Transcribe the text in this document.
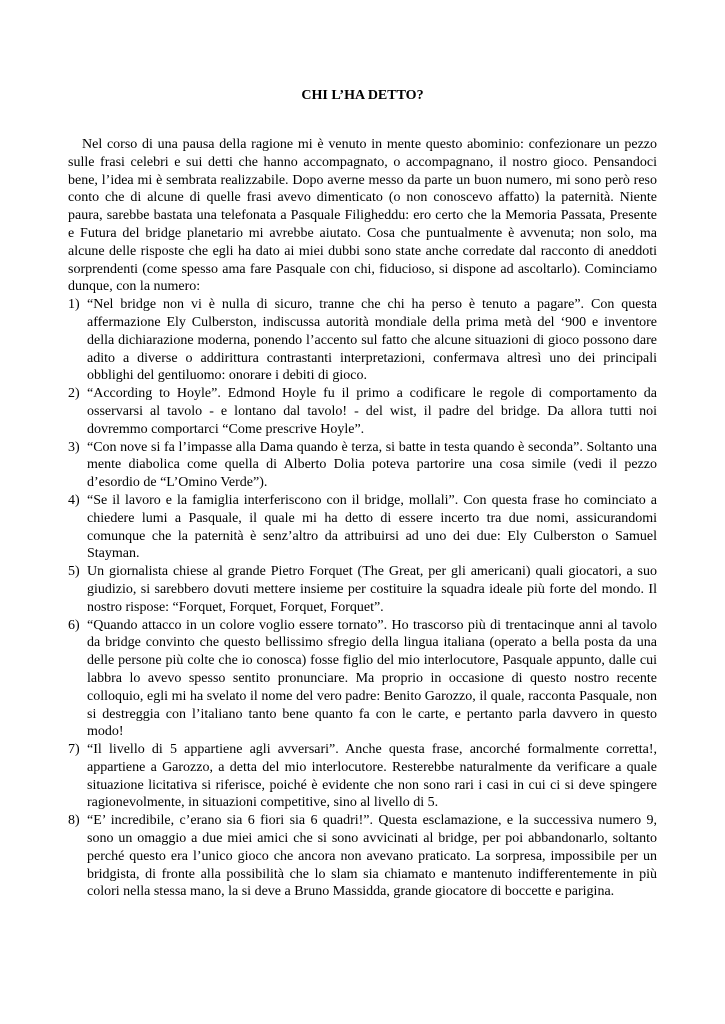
CHI L’HA DETTO?

Nel corso di una pausa della ragione mi è venuto in mente questo abominio: confezionare un pezzo sulle frasi celebri e sui detti che hanno accompagnato, o accompagnano, il nostro gioco. Pensandoci bene, l’idea mi è sembrata realizzabile. Dopo averne messo da parte un buon numero, mi sono però reso conto che di alcune di quelle frasi avevo dimenticato (o non conoscevo affatto) la paternità. Niente paura, sarebbe bastata una telefonata a Pasquale Filigheddu: ero certo che la Memoria Passata, Presente e Futura del bridge planetario mi avrebbe aiutato. Cosa che puntualmente è avvenuta; non solo, ma alcune delle risposte che egli ha dato ai miei dubbi sono state anche corredate dal racconto di aneddoti sorprendenti (come spesso ama fare Pasquale con chi, fiducioso, si dispone ad ascoltarlo). Cominciamo dunque, con la numero:

1) “Nel bridge non vi è nulla di sicuro, tranne che chi ha perso è tenuto a pagare”. Con questa affermazione Ely Culberston, indiscussa autorità mondiale della prima metà del ‘900 e inventore della dichiarazione moderna, ponendo l’accento sul fatto che alcune situazioni di gioco possono dare adito a diverse o addirittura contrastanti interpretazioni, confermava altresì uno dei principali obblighi del gentiluomo: onorare i debiti di gioco.
2) “According to Hoyle”. Edmond Hoyle fu il primo a codificare le regole di comportamento da osservarsi al tavolo - e lontano dal tavolo! - del wist, il padre del bridge. Da allora tutti noi dovremmo comportarci “Come prescrive Hoyle”.
3) “Con nove si fa l’impasse alla Dama quando è terza, si batte in testa quando è seconda”. Soltanto una mente diabolica come quella di Alberto Dolia poteva partorire una cosa simile (vedi il pezzo d’esordio de “L’Omino Verde”).
4) “Se il lavoro e la famiglia interferiscono con il bridge, mollali”. Con questa frase ho cominciato a chiedere lumi a Pasquale, il quale mi ha detto di essere incerto tra due nomi, assicurandomi comunque che la paternità è senz’altro da attribuirsi ad uno dei due: Ely Culberston o Samuel Stayman.
5) Un giornalista chiese al grande Pietro Forquet (The Great, per gli americani) quali giocatori, a suo giudizio, si sarebbero dovuti mettere insieme per costituire la squadra ideale più forte del mondo. Il nostro rispose: “Forquet, Forquet, Forquet, Forquet”.
6) “Quando attacco in un colore voglio essere tornato”. Ho trascorso più di trentacinque anni al tavolo da bridge convinto che questo bellissimo sfregio della lingua italiana (operato a bella posta da una delle persone più colte che io conosca) fosse figlio del mio interlocutore, Pasquale appunto, dalle cui labbra lo avevo spesso sentito pronunciare. Ma proprio in occasione di questo nostro recente colloquio, egli mi ha svelato il nome del vero padre: Benito Garozzo, il quale, racconta Pasquale, non si destreggia con l’italiano tanto bene quanto fa con le carte, e pertanto parla davvero in questo modo!
7) “Il livello di 5 appartiene agli avversari”. Anche questa frase, ancorché formalmente corretta!, appartiene a Garozzo, a detta del mio interlocutore. Resterebbe naturalmente da verificare a quale situazione licitativa si riferisce, poiché è evidente che non sono rari i casi in cui ci si deve spingere ragionevolmente, in situazioni competitive, sino al livello di 5.
8) “E’ incredibile, c’erano sia 6 fiori sia 6 quadri!”. Questa esclamazione, e la successiva numero 9, sono un omaggio a due miei amici che si sono avvicinati al bridge, per poi abbandonarlo, soltanto perché questo era l’unico gioco che ancora non avevano praticato. La sorpresa, impossibile per un bridgista, di fronte alla possibilità che lo slam sia chiamato e mantenuto indifferentemente in più colori nella stessa mano, la si deve a Bruno Massidda, grande giocatore di boccette e parigina.
